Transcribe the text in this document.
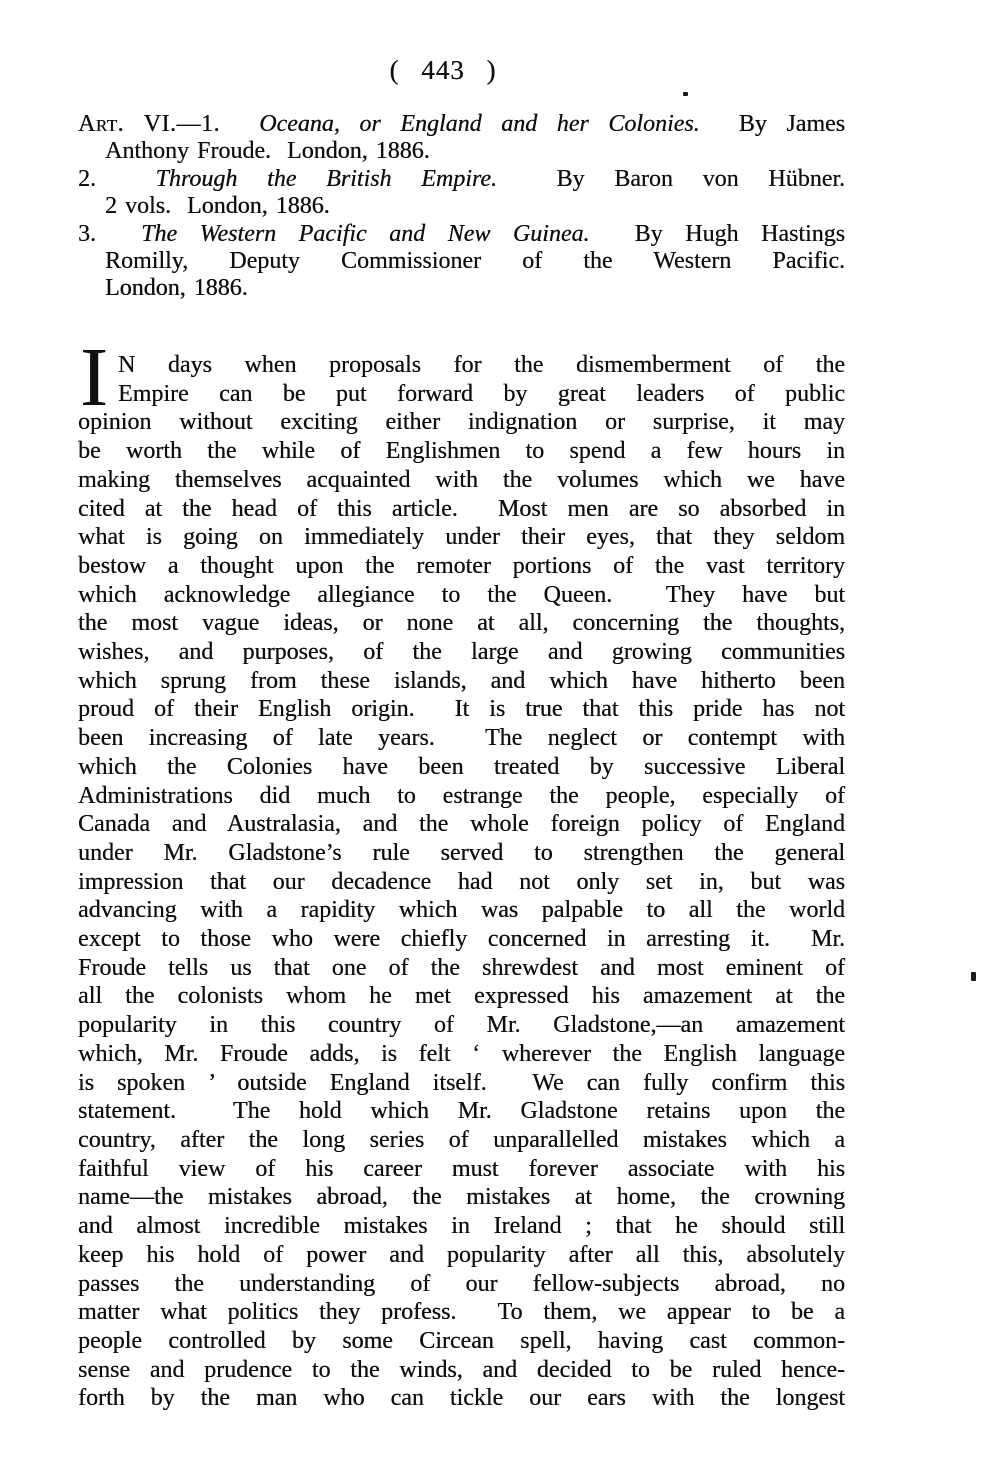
( 443 )
Art. VI.—1. Oceana, or England and her Colonies.  By James
Anthony Froude.  London, 1886.
2.  Through the British Empire.  By Baron von Hübner.
2 vols.  London, 1886.
3.  The Western Pacific and New Guinea.  By Hugh Hastings
Romilly, Deputy Commissioner of the Western Pacific.
London, 1886.
I N days when proposals for the dismemberment of the
Empire can be put forward by great leaders of public
opinion without exciting either indignation or surprise, it may
be worth the while of Englishmen to spend a few hours in
making themselves acquainted with the volumes which we have
cited at the head of this article.  Most men are so absorbed in
what is going on immediately under their eyes, that they seldom
bestow a thought upon the remoter portions of the vast territory
which acknowledge allegiance to the Queen.  They have but
the most vague ideas, or none at all, concerning the thoughts,
wishes, and purposes, of the large and growing communities
which sprung from these islands, and which have hitherto been
proud of their English origin.  It is true that this pride has not
been increasing of late years.  The neglect or contempt with
which the Colonies have been treated by successive Liberal
Administrations did much to estrange the people, especially of
Canada and Australasia, and the whole foreign policy of England
under Mr. Gladstone’s rule served to strengthen the general
impression that our decadence had not only set in, but was
advancing with a rapidity which was palpable to all the world
except to those who were chiefly concerned in arresting it.  Mr.
Froude tells us that one of the shrewdest and most eminent of
all the colonists whom he met expressed his amazement at the
popularity in this country of Mr. Gladstone,—an amazement
which, Mr. Froude adds, is felt ‘ wherever the English language
is spoken ’ outside England itself.  We can fully confirm this
statement.  The hold which Mr. Gladstone retains upon the
country, after the long series of unparallelled mistakes which a
faithful view of his career must forever associate with his
name—the mistakes abroad, the mistakes at home, the crowning
and almost incredible mistakes in Ireland ; that he should still
keep his hold of power and popularity after all this, absolutely
passes the understanding of our fellow-subjects abroad, no
matter what politics they profess.  To them, we appear to be a
people controlled by some Circean spell, having cast common-
sense and prudence to the winds, and decided to be ruled hence-
forth by the man who can tickle our ears with the longest
